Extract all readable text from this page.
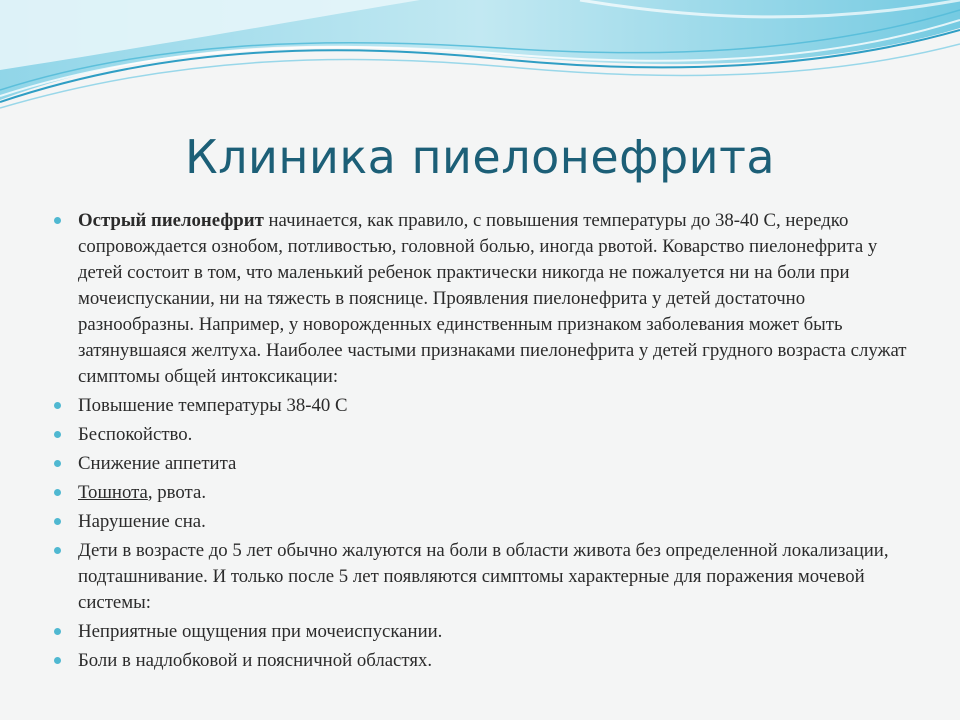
Клиника пиелонефрита
Острый пиелонефрит начинается, как правило, с повышения температуры до 38-40 С, нередко сопровождается ознобом, потливостью, головной болью, иногда рвотой. Коварство пиелонефрита у детей состоит в том, что маленький ребенок практически никогда не пожалуется ни на боли при мочеиспускании, ни на тяжесть в пояснице. Проявления пиелонефрита у детей достаточно разнообразны. Например, у новорожденных единственным признаком заболевания может быть затянувшаяся желтуха. Наиболее частыми признаками пиелонефрита у детей грудного возраста служат симптомы общей интоксикации:
Повышение температуры 38-40 С
Беспокойство.
Снижение аппетита
Тошнота, рвота.
Нарушение сна.
Дети в возрасте до 5 лет обычно жалуются на боли в области живота без определенной локализации, подташнивание. И только после 5 лет появляются симптомы характерные для поражения мочевой системы:
Неприятные ощущения при мочеиспускании.
Боли в надлобковой и поясничной областях.
